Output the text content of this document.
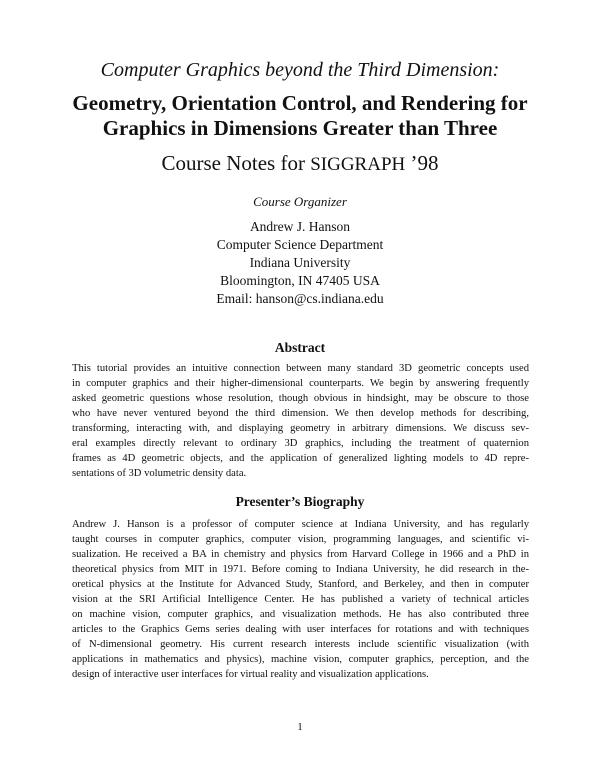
Computer Graphics beyond the Third Dimension:
Geometry, Orientation Control, and Rendering for
Graphics in Dimensions Greater than Three
Course Notes for SIGGRAPH ’98
Course Organizer
Andrew J. Hanson
Computer Science Department
Indiana University
Bloomington, IN 47405 USA
Email: hanson@cs.indiana.edu
Abstract
This tutorial provides an intuitive connection between many standard 3D geometric concepts used
in computer graphics and their higher-dimensional counterparts. We begin by answering frequently
asked geometric questions whose resolution, though obvious in hindsight, may be obscure to those
who have never ventured beyond the third dimension. We then develop methods for describing,
transforming, interacting with, and displaying geometry in arbitrary dimensions. We discuss sev-
eral examples directly relevant to ordinary 3D graphics, including the treatment of quaternion
frames as 4D geometric objects, and the application of generalized lighting models to 4D repre-
sentations of 3D volumetric density data.
Presenter’s Biography
Andrew J. Hanson is a professor of computer science at Indiana University, and has regularly
taught courses in computer graphics, computer vision, programming languages, and scientific vi-
sualization. He received a BA in chemistry and physics from Harvard College in 1966 and a PhD in
theoretical physics from MIT in 1971. Before coming to Indiana University, he did research in the-
oretical physics at the Institute for Advanced Study, Stanford, and Berkeley, and then in computer
vision at the SRI Artificial Intelligence Center. He has published a variety of technical articles
on machine vision, computer graphics, and visualization methods. He has also contributed three
articles to the Graphics Gems series dealing with user interfaces for rotations and with techniques
of N-dimensional geometry. His current research interests include scientific visualization (with
applications in mathematics and physics), machine vision, computer graphics, perception, and the
design of interactive user interfaces for virtual reality and visualization applications.
1
